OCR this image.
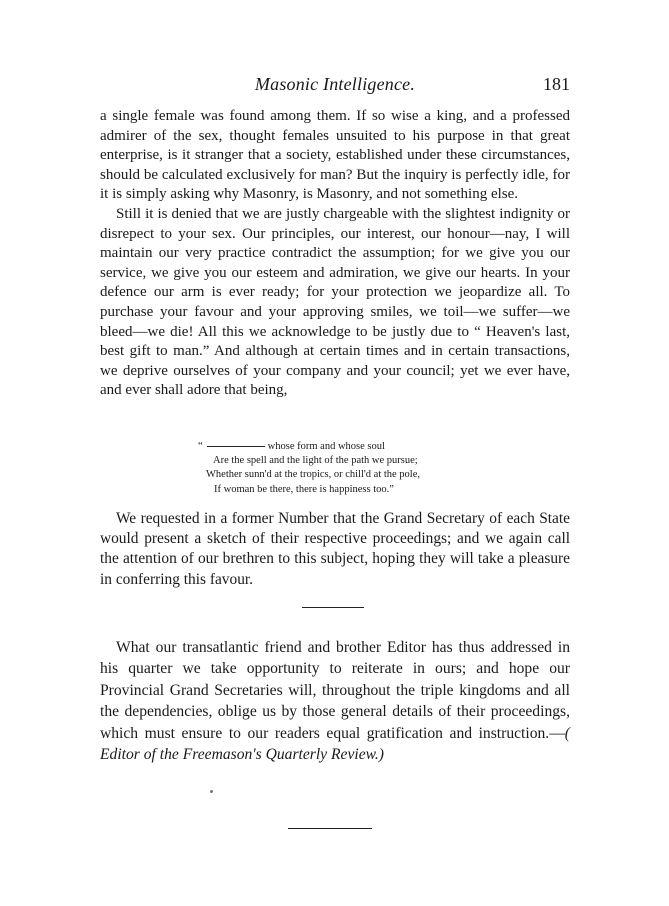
Masonic Intelligence.	181

a single female was found among them. If so wise a king, and a professed admirer of the sex, thought females unsuited to his purpose in that great enterprise, is it stranger that a society, established under these circumstances, should be calculated exclusively for man? But the inquiry is perfectly idle, for it is simply asking why Masonry, is Masonry, and not something else.

Still it is denied that we are justly chargeable with the slightest indignity or disrepect to your sex. Our principles, our interest, our honour—nay, I will maintain our very practice contradict the assumption; for we give you our service, we give you our esteem and admiration, we give our hearts. In your defence our arm is ever ready; for your protection we jeopardize all. To purchase your favour and your approving smiles, we toil—we suffer—we bleed—we die! All this we acknowledge to be justly due to “ Heaven's last, best gift to man.” And although at certain times and in certain transactions, we deprive ourselves of your company and your council; yet we ever have, and ever shall adore that being,

“	whose form and whose soul
Are the spell and the light of the path we pursue;
Whether sunn'd at the tropics, or chill'd at the pole,
If woman be there, there is happiness too.”

We requested in a former Number that the Grand Secretary of each State would present a sketch of their respective proceedings; and we again call the attention of our brethren to this subject, hoping they will take a pleasure in conferring this favour.

What our transatlantic friend and brother Editor has thus addressed in his quarter we take opportunity to reiterate in ours; and hope our Provincial Grand Secretaries will, throughout the triple kingdoms and all the dependencies, oblige us by those general details of their proceedings, which must ensure to our readers equal gratification and instruction.—( Editor of the Freemason's Quarterly Review.)
